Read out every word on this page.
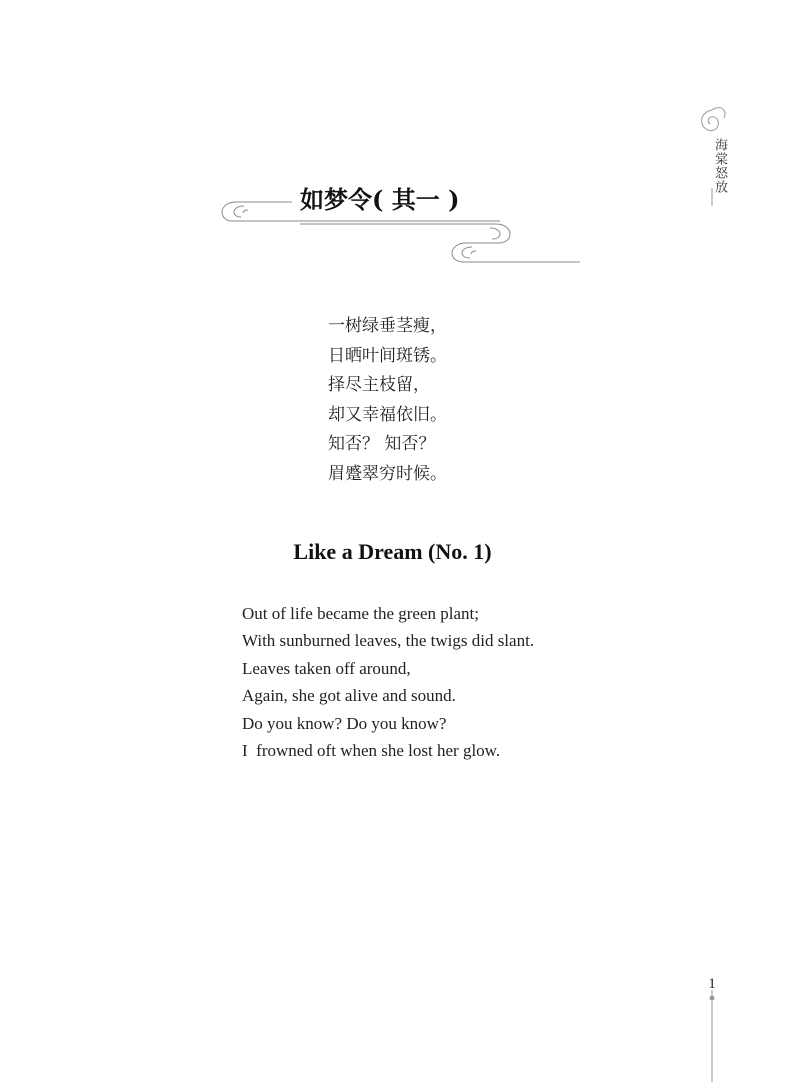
海棠怒放
如梦令( 其一 )
一树绿垂茎瘦，
日晒叶间斑锈。
择尽主枝留，
却又幸福依旧。
知否？ 知否？
眉蹙翠穷时候。
Like a Dream (No. 1)
Out of life became the green plant;
With sunburned leaves, the twigs did slant.
Leaves taken off around,
Again, she got alive and sound.
Do you know? Do you know?
I  frowned oft when she lost her glow.
1
